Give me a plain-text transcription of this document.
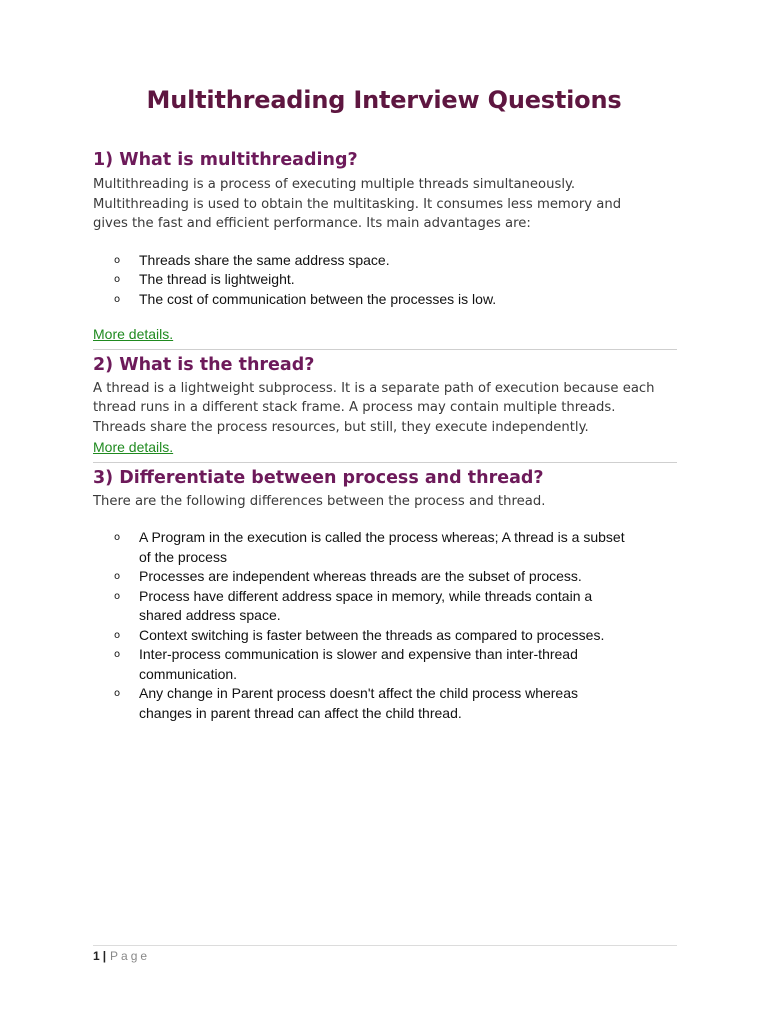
Multithreading Interview Questions
1) What is multithreading?

Multithreading is a process of executing multiple threads simultaneously.
Multithreading is used to obtain the multitasking. It consumes less memory and
gives the fast and efficient performance. Its main advantages are:

o Threads share the same address space.
o The thread is lightweight.
o The cost of communication between the processes is low.
More details.
2) What is the thread?

A thread is a lightweight subprocess. It is a separate path of execution because each
thread runs in a different stack frame. A process may contain multiple threads.
Threads share the process resources, but still, they execute independently.

More details.
3) Differentiate between process and thread?

There are the following differences between the process and thread.

o A Program in the execution is called the process whereas; A thread is a subset
of the process
o Processes are independent whereas threads are the subset of process.
o Process have different address space in memory, while threads contain a
shared address space.
o Context switching is faster between the threads as compared to processes.
o Inter-process communication is slower and expensive than inter-thread
communication.
o Any change in Parent process doesn't affect the child process whereas
changes in parent thread can affect the child thread.
1 | Page
